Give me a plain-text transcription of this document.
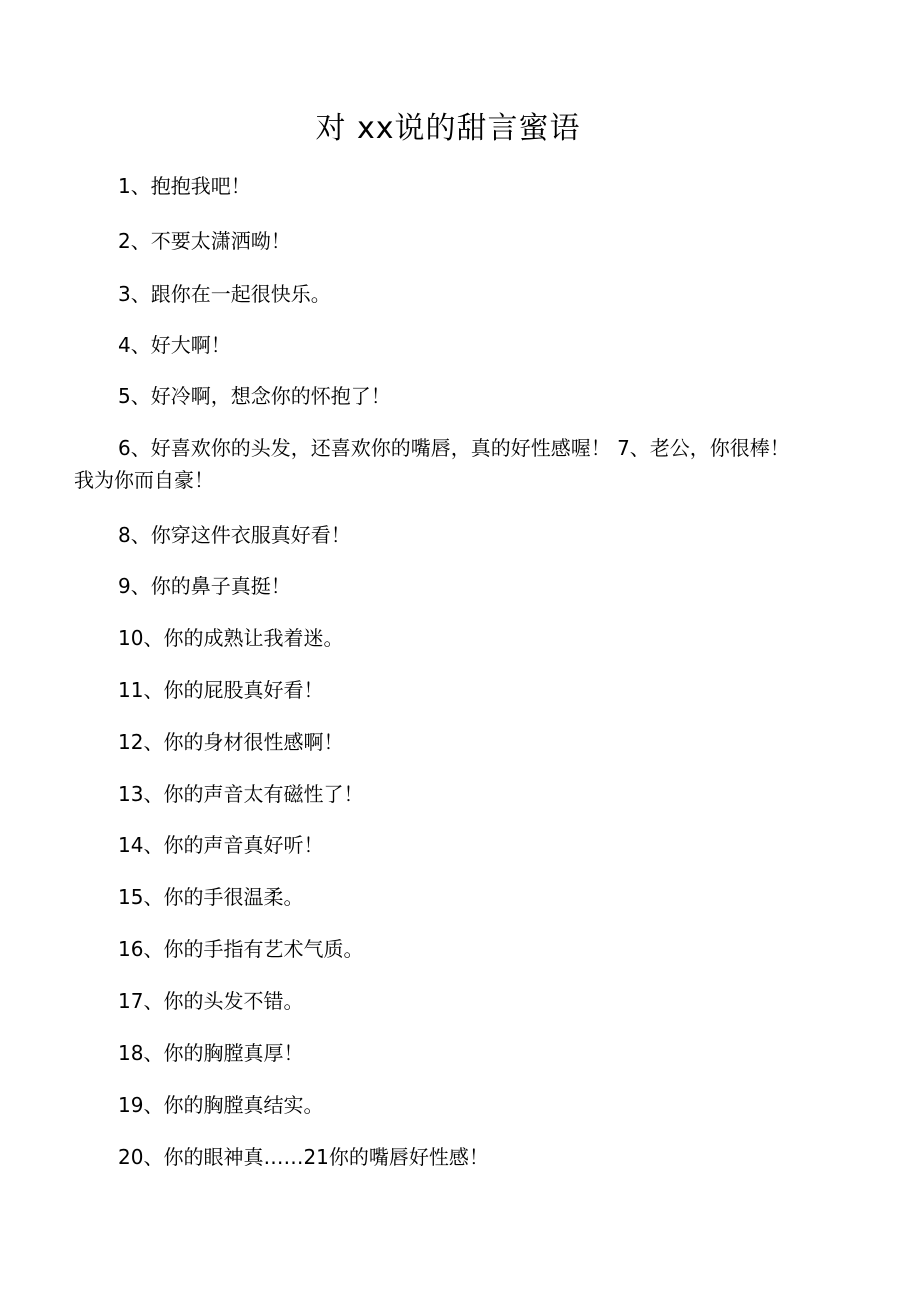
对 xx说的甜言蜜语
1、抱抱我吧！
2、不要太潇洒呦！
3、跟你在一起很快乐。
4、好大啊！
5、好冷啊，想念你的怀抱了！
6、好喜欢你的头发，还喜欢你的嘴唇，真的好性感喔！ 7、老公，你很棒！ 我为你而自豪！
8、你穿这件衣服真好看！
9、你的鼻子真挺！
10、你的成熟让我着迷。
11、你的屁股真好看！
12、你的身材很性感啊！
13、你的声音太有磁性了！
14、你的声音真好听！
15、你的手很温柔。
16、你的手指有艺术气质。
17、你的头发不错。
18、你的胸膛真厚！
19、你的胸膛真结实。
20、你的眼神真……21你的嘴唇好性感！
